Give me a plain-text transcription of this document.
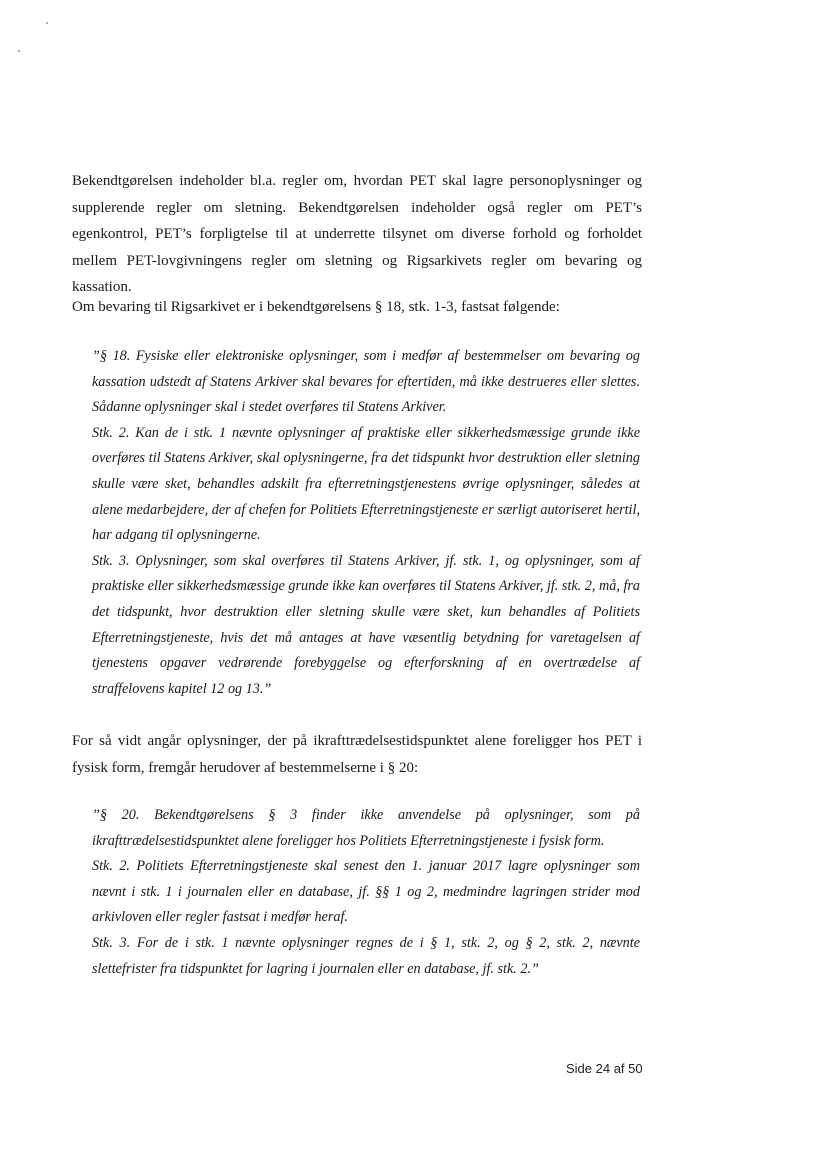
Bekendtgørelsen indeholder bl.a. regler om, hvordan PET skal lagre personoplysninger og supplerende regler om sletning. Bekendtgørelsen indeholder også regler om PET’s egenkontrol, PET’s forpligtelse til at underrette tilsynet om diverse forhold og forholdet mellem PET-lovgivningens regler om sletning og Rigsarkivets regler om bevaring og kassation.
Om bevaring til Rigsarkivet er i bekendtgørelsens § 18, stk. 1-3, fastsat følgende:

”§ 18. Fysiske eller elektroniske oplysninger, som i medfør af bestemmelser om bevaring og kassation udstedt af Statens Arkiver skal bevares for eftertiden, må ikke destrueres eller slettes. Sådanne oplysninger skal i stedet overføres til Statens Arkiver.

Stk. 2. Kan de i stk. 1 nævnte oplysninger af praktiske eller sikkerhedsmæssige grunde ikke overføres til Statens Arkiver, skal oplysningerne, fra det tidspunkt hvor destruktion eller sletning skulle være sket, behandles adskilt fra efterretningstjenestens øvrige oplysninger, således at alene medarbejdere, der af chefen for Politiets Efterretningstjeneste er særligt autoriseret hertil, har adgang til oplysningerne.

Stk. 3. Oplysninger, som skal overføres til Statens Arkiver, jf. stk. 1, og oplysninger, som af praktiske eller sikkerhedsmæssige grunde ikke kan overføres til Statens Arkiver, jf. stk. 2, må, fra det tidspunkt, hvor destruktion eller sletning skulle være sket, kun behandles af Politiets Efterretningstjeneste, hvis det må antages at have væsentlig betydning for varetagelsen af tjenestens opgaver vedrørende forebyggelse og efterforskning af en overtrædelse af straffelovens kapitel 12 og 13.”

For så vidt angår oplysninger, der på ikrafttrædelsestidspunktet alene foreligger hos PET i fysisk form, fremgår herudover af bestemmelserne i § 20:

”§ 20. Bekendtgørelsens § 3 finder ikke anvendelse på oplysninger, som på ikrafttrædelsestidspunktet alene foreligger hos Politiets Efterretningstjeneste i fysisk form.

Stk. 2. Politiets Efterretningstjeneste skal senest den 1. januar 2017 lagre oplysninger som nævnt i stk. 1 i journalen eller en database, jf. §§ 1 og 2, medmindre lagringen strider mod arkivloven eller regler fastsat i medfør heraf.

Stk. 3. For de i stk. 1 nævnte oplysninger regnes de i § 1, stk. 2, og § 2, stk. 2, nævnte slettefrister fra tidspunktet for lagring i journalen eller en database, jf. stk. 2.”

Side 24 af 50
